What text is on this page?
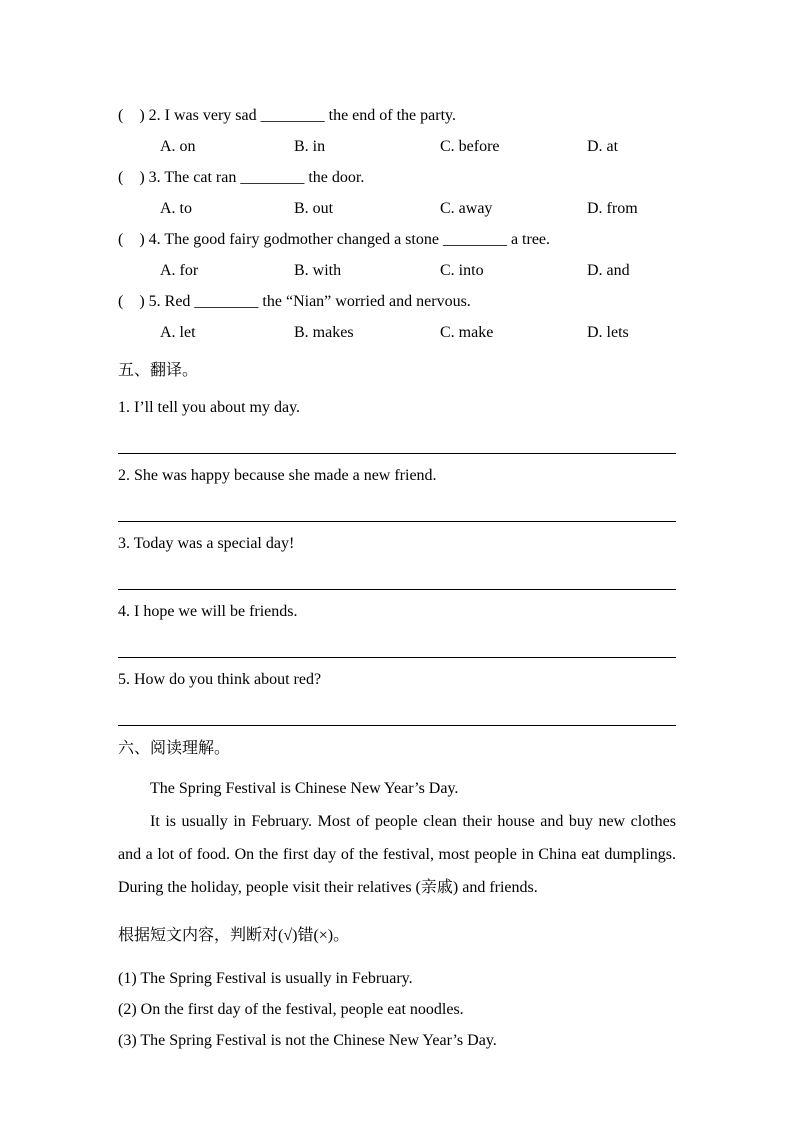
(　) 2. I was very sad ________ the end of the party.
A. on	B. in	C. before	D. at
(　) 3. The cat ran ________ the door.
A. to	B. out	C. away	D. from
(　) 4. The good fairy godmother changed a stone ________ a tree.
A. for	B. with	C. into	D. and
(　) 5. Red ________ the “Nian” worried and nervous.
A. let	B. makes	C. make	D. lets
五、翻译。
1. I’ll tell you about my day.
2. She was happy because she made a new friend.
3. Today was a special day!
4. I hope we will be friends.
5. How do you think about red?
六、阅读理解。

The Spring Festival is Chinese New Year’s Day.

It is usually in February. Most of people clean their house and buy new clothes and a lot of food. On the first day of the festival, most people in China eat dumplings. During the holiday, people visit their relatives (亲戚) and friends.

根据短文内容，判断对(√)错(×)。
(1) The Spring Festival is usually in February.
(2) On the first day of the festival, people eat noodles.
(3) The Spring Festival is not the Chinese New Year’s Day.
